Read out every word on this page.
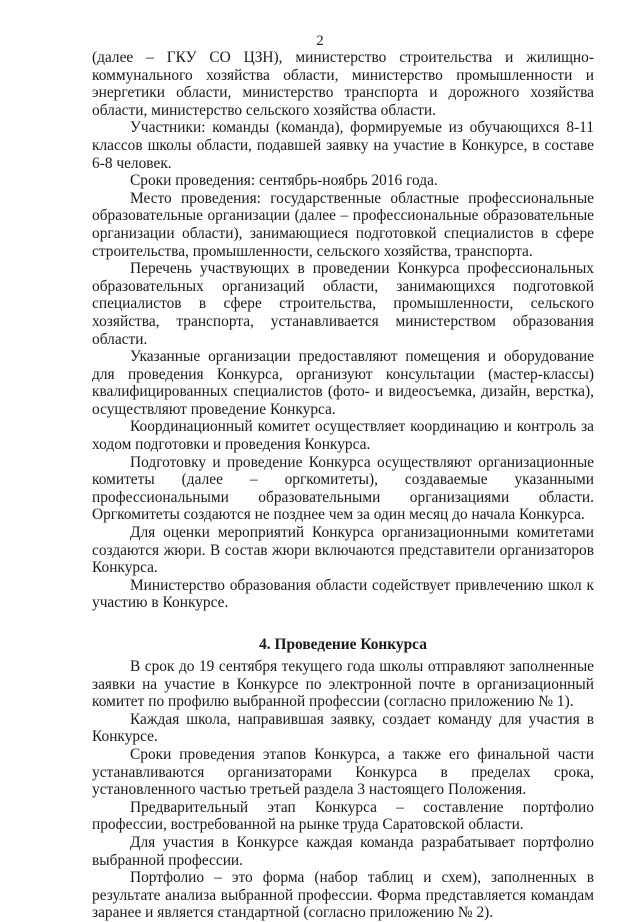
2

(далее – ГКУ СО ЦЗН), министерство строительства и жилищно-коммунального хозяйства области, министерство промышленности и энергетики области, министерство транспорта и дорожного хозяйства области, министерство сельского хозяйства области.

Участники: команды (команда), формируемые из обучающихся 8-11 классов школы области, подавшей заявку на участие в Конкурсе, в составе 6-8 человек.

Сроки проведения: сентябрь-ноябрь 2016 года.

Место проведения: государственные областные профессиональные образовательные организации (далее – профессиональные образовательные организации области), занимающиеся подготовкой специалистов в сфере строительства, промышленности, сельского хозяйства, транспорта.

Перечень участвующих в проведении Конкурса профессиональных образовательных организаций области, занимающихся подготовкой специалистов в сфере строительства, промышленности, сельского хозяйства, транспорта, устанавливается министерством образования области.

Указанные организации предоставляют помещения и оборудование для проведения Конкурса, организуют консультации (мастер-классы) квалифицированных специалистов (фото- и видеосъемка, дизайн, верстка), осуществляют проведение Конкурса.

Координационный комитет осуществляет координацию и контроль за ходом подготовки и проведения Конкурса.

Подготовку и проведение Конкурса осуществляют организационные комитеты (далее – оргкомитеты), создаваемые указанными профессиональными образовательными организациями области. Оргкомитеты создаются не позднее чем за один месяц до начала Конкурса.

Для оценки мероприятий Конкурса организационными комитетами создаются жюри. В состав жюри включаются представители организаторов Конкурса.

Министерство образования области содействует привлечению школ к участию в Конкурсе.

4. Проведение Конкурса

В срок до 19 сентября текущего года школы отправляют заполненные заявки на участие в Конкурсе по электронной почте в организационный комитет по профилю выбранной профессии (согласно приложению № 1).

Каждая школа, направившая заявку, создает команду для участия в Конкурсе.

Сроки проведения этапов Конкурса, а также его финальной части устанавливаются организаторами Конкурса в пределах срока, установленного частью третьей раздела 3 настоящего Положения.

Предварительный этап Конкурса – составление портфолио профессии, востребованной на рынке труда Саратовской области.

Для участия в Конкурсе каждая команда разрабатывает портфолио выбранной профессии.

Портфолио – это форма (набор таблиц и схем), заполненных в результате анализа выбранной профессии. Форма представляется командам заранее и является стандартной (согласно приложению № 2).
